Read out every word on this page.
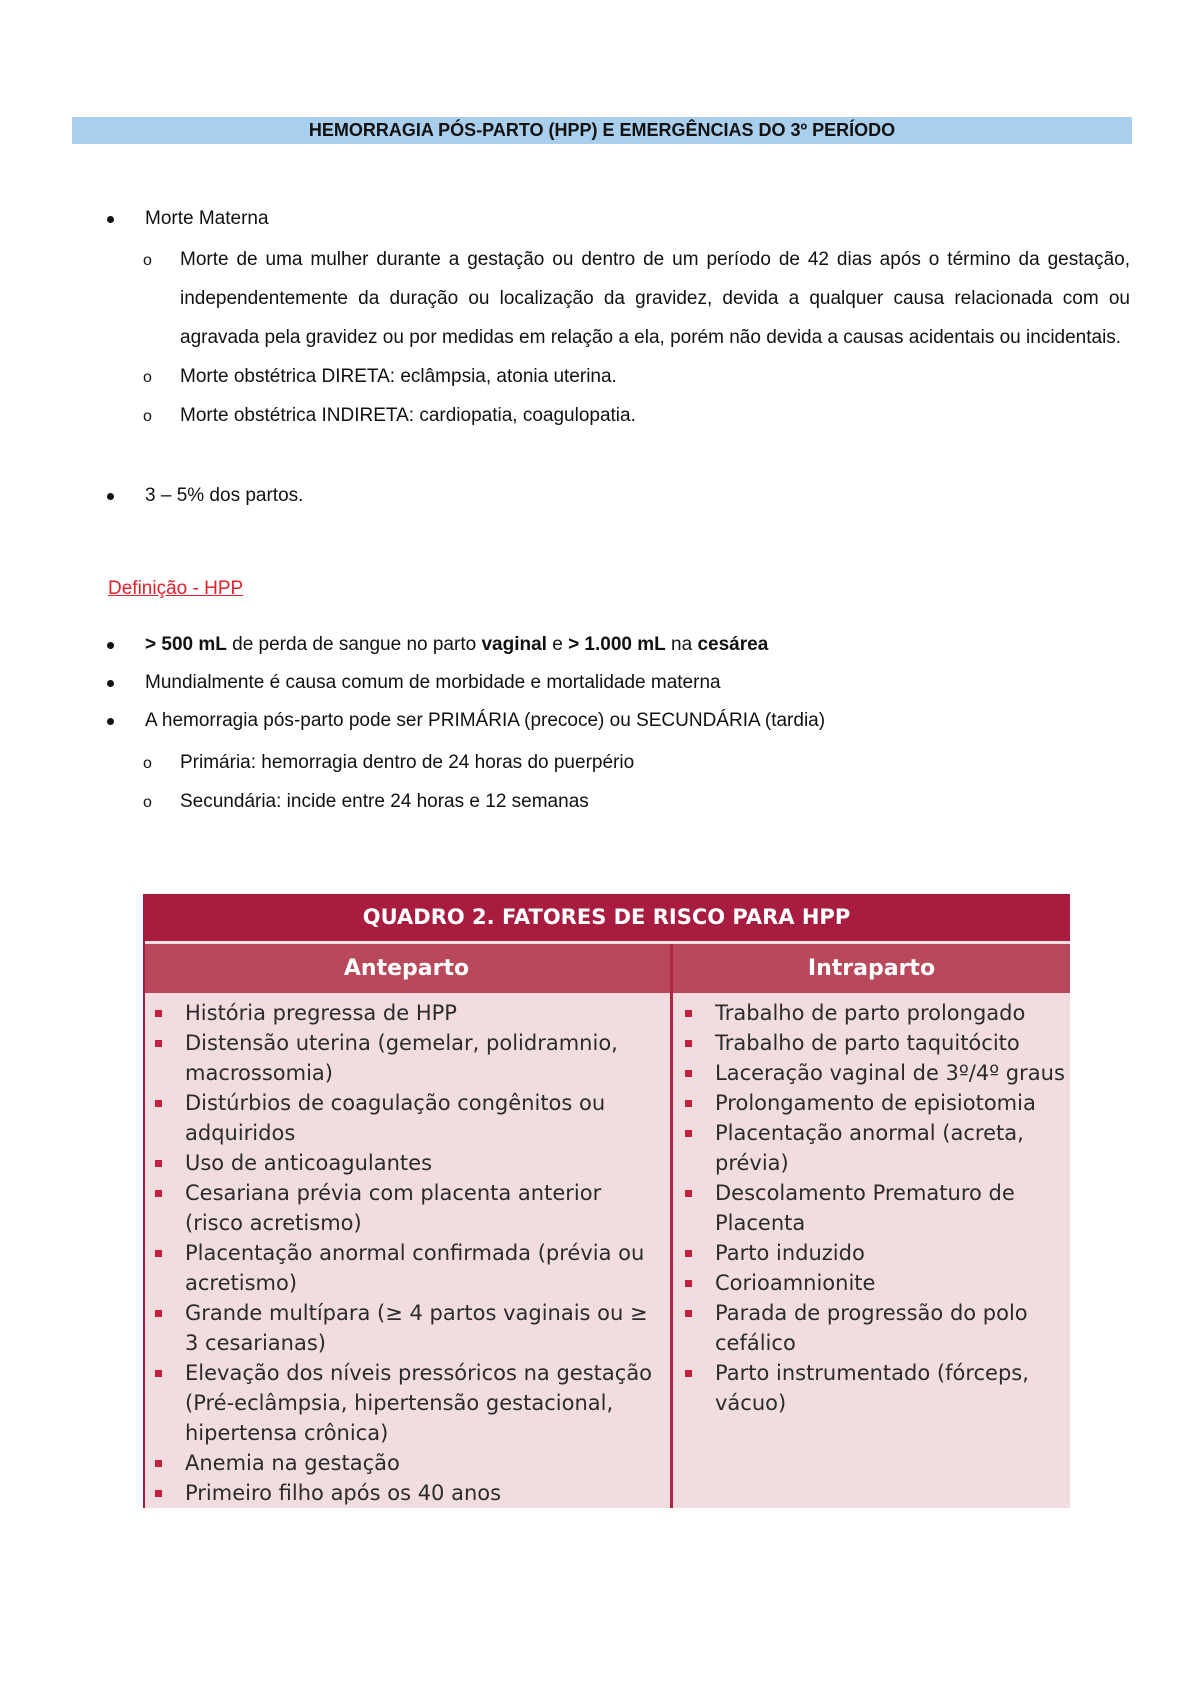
HEMORRAGIA PÓS-PARTO (HPP) E EMERGÊNCIAS DO 3º PERÍODO
Morte Materna
o Morte de uma mulher durante a gestação ou dentro de um período de 42 dias após o término da gestação, independentemente da duração ou localização da gravidez, devida a qualquer causa relacionada com ou agravada pela gravidez ou por medidas em relação a ela, porém não devida a causas acidentais ou incidentais.
o Morte obstétrica DIRETA: eclâmpsia, atonia uterina.
o Morte obstétrica INDIRETA: cardiopatia, coagulopatia.
3 – 5% dos partos.
Definição - HPP
> 500 mL de perda de sangue no parto vaginal e > 1.000 mL na cesárea
Mundialmente é causa comum de morbidade e mortalidade materna
A hemorragia pós-parto pode ser PRIMÁRIA (precoce) ou SECUNDÁRIA (tardia)
o Primária: hemorragia dentro de 24 horas do puerpério
o Secundária: incide entre 24 horas e 12 semanas
QUADRO 2. FATORES DE RISCO PARA HPP
Anteparto	Intraparto
História pregressa de HPP
Distensão uterina (gemelar, polidramnio, macrossomia)
Distúrbios de coagulação congênitos ou adquiridos
Uso de anticoagulantes
Cesariana prévia com placenta anterior (risco acretismo)
Placentação anormal confirmada (prévia ou acretismo)
Grande multípara (≥ 4 partos vaginais ou ≥ 3 cesarianas)
Elevação dos níveis pressóricos na gestação (Pré-eclâmpsia, hipertensão gestacional, hipertensa crônica)
Anemia na gestação
Primeiro filho após os 40 anos
Trabalho de parto prolongado
Trabalho de parto taquitócito
Laceração vaginal de 3º/4º graus
Prolongamento de episiotomia
Placentação anormal (acreta, prévia)
Descolamento Prematuro de Placenta
Parto induzido
Corioamnionite
Parada de progressão do polo cefálico
Parto instrumentado (fórceps, vácuo)
